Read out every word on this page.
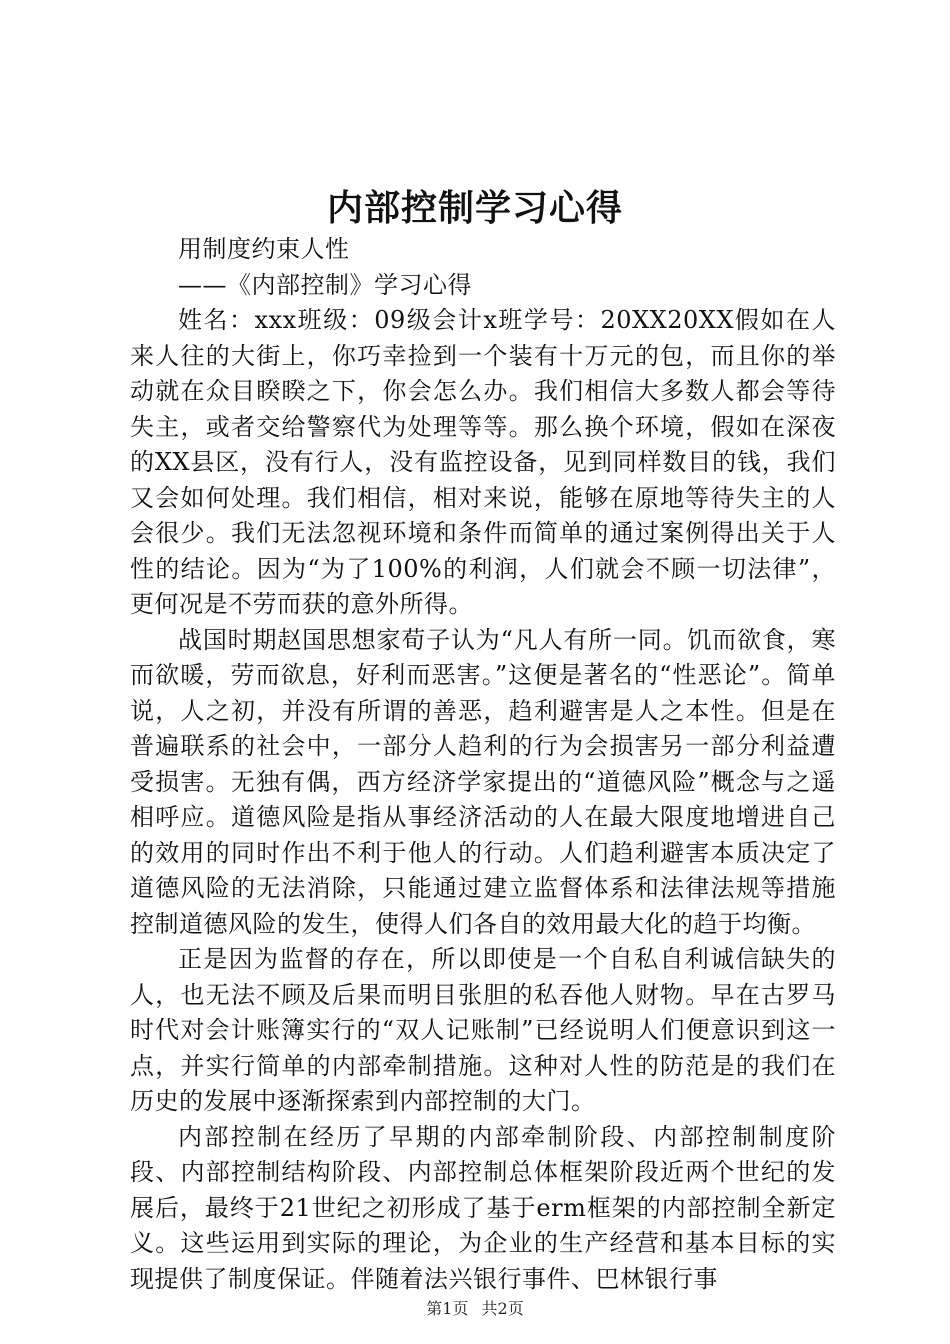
内部控制学习心得

用制度约束人性

——《内部控制》学习心得

姓名：xxx班级：09级会计x班学号：20XX20XX假如在人来人往的大街上，你巧幸捡到一个装有十万元的包，而且你的举动就在众目睽睽之下，你会怎么办。我们相信大多数人都会等待失主，或者交给警察代为处理等等。那么换个环境，假如在深夜的XX县区，没有行人，没有监控设备，见到同样数目的钱，我们又会如何处理。我们相信，相对来说，能够在原地等待失主的人会很少。我们无法忽视环境和条件而简单的通过案例得出关于人性的结论。因为“为了100%的利润，人们就会不顾一切法律”，更何况是不劳而获的意外所得。

战国时期赵国思想家荀子认为“凡人有所一同。饥而欲食，寒而欲暖，劳而欲息，好利而恶害。”这便是著名的“性恶论”。简单说，人之初，并没有所谓的善恶，趋利避害是人之本性。但是在普遍联系的社会中，一部分人趋利的行为会损害另一部分利益遭受损害。无独有偶，西方经济学家提出的“道德风险”概念与之遥相呼应。道德风险是指从事经济活动的人在最大限度地增进自己的效用的同时作出不利于他人的行动。人们趋利避害本质决定了道德风险的无法消除，只能通过建立监督体系和法律法规等措施控制道德风险的发生，使得人们各自的效用最大化的趋于均衡。

正是因为监督的存在，所以即使是一个自私自利诚信缺失的人，也无法不顾及后果而明目张胆的私吞他人财物。早在古罗马时代对会计账簿实行的“双人记账制”已经说明人们便意识到这一点，并实行简单的内部牵制措施。这种对人性的防范是的我们在历史的发展中逐渐探索到内部控制的大门。

内部控制在经历了早期的内部牵制阶段、内部控制制度阶段、内部控制结构阶段、内部控制总体框架阶段近两个世纪的发展后，最终于21世纪之初形成了基于erm框架的内部控制全新定义。这些运用到实际的理论，为企业的生产经营和基本目标的实现提供了制度保证。伴随着法兴银行事件、巴林银行事

第1页 共2页
